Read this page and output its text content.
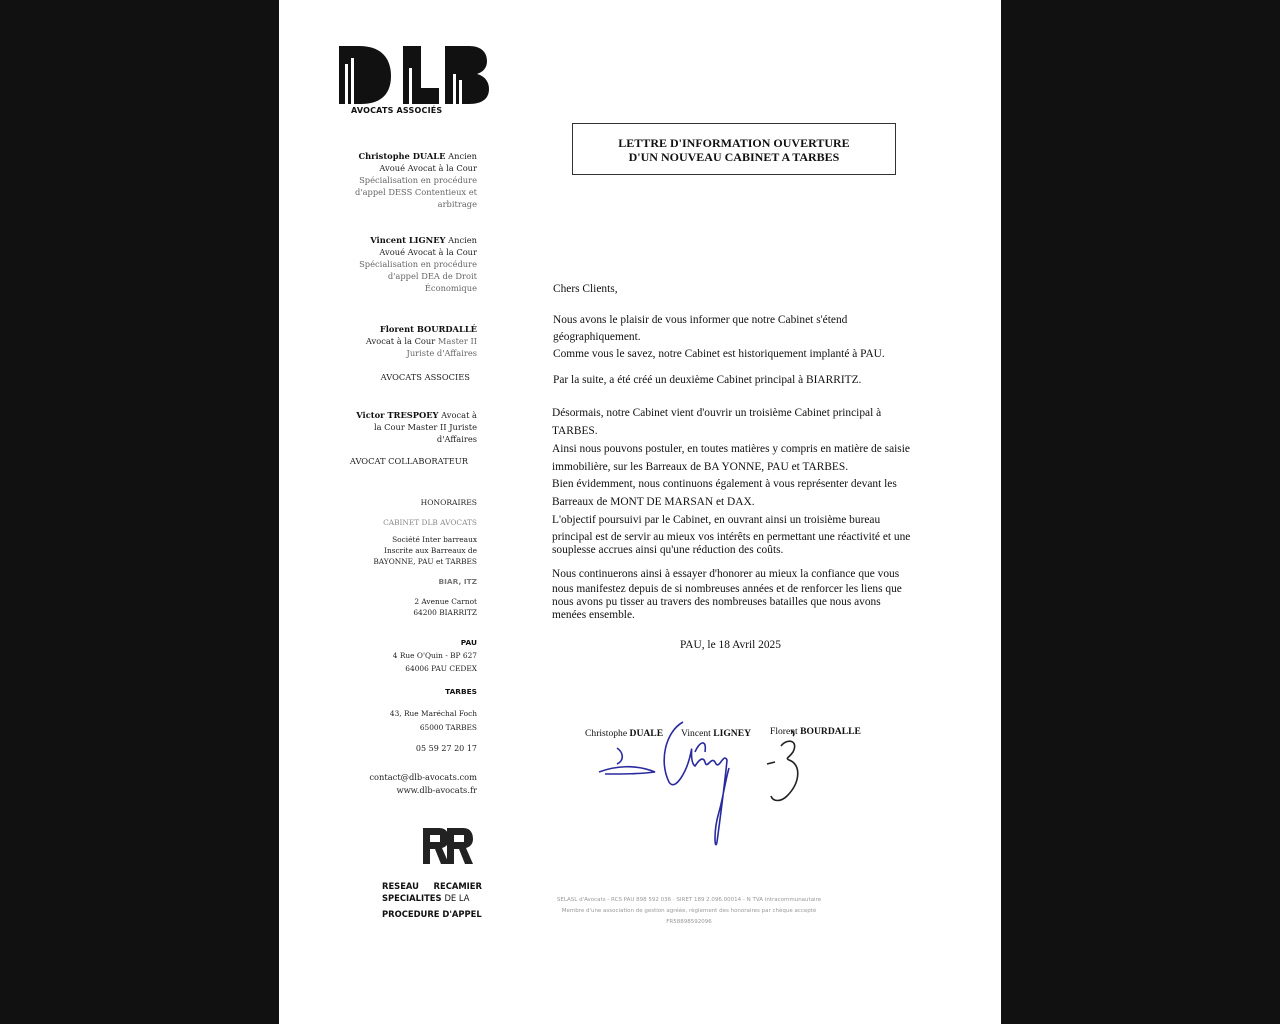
AVOCATS ASSOCIÉS
Christophe DUALE Ancien
Avoué Avocat à la Cour
Spécialisation en procédure
d'appel DESS Contentieux et
arbitrage
Vincent LIGNEY Ancien
Avoué Avocat à la Cour
Spécialisation en procédure
d'appel DEA de Droit
Économique
Florent BOURDALLÉ
Avocat à la Cour Master II
Juriste d'Affaires
AVOCATS ASSOCIES
Victor TRESPOEY Avocat à
la Cour Master II Juriste
d'Affaires
AVOCAT COLLABORATEUR
HONORAIRES
CABINET DLB AVOCATS
Société Inter barreaux
Inscrite aux Barreaux de
BAYONNE, PAU et TARBES
BIAR, ITZ
2 Avenue Carnot
64200 BIARRITZ
PAU
4 Rue O'Quin - BP 627
64006 PAU CEDEX
TARBES
43, Rue Maréchal Foch
65000 TARBES
05 59 27 20 17
contact@dlb-avocats.com
www.dlb-avocats.fr
RESEAU RECAMIER
SPECIALITES DE LA
PROCEDURE D'APPEL
LETTRE D'INFORMATION OUVERTURE
D'UN NOUVEAU CABINET A TARBES
Chers Clients,
Nous avons le plaisir de vous informer que notre Cabinet s'étend
géographiquement.
Comme vous le savez, notre Cabinet est historiquement implanté à PAU.
Par la suite, a été créé un deuxième Cabinet principal à BIARRITZ.
Désormais, notre Cabinet vient d'ouvrir un troisième Cabinet principal à
TARBES.
Ainsi nous pouvons postuler, en toutes matières y compris en matière de saisie
immobilière, sur les Barreaux de BA YONNE, PAU et TARBES.
Bien évidemment, nous continuons également à vous représenter devant les
Barreaux de MONT DE MARSAN et DAX.
L'objectif poursuivi par le Cabinet, en ouvrant ainsi un troisième bureau
principal est de servir au mieux vos intérêts en permettant une réactivité et une
souplesse accrues ainsi qu'une réduction des coûts.
Nous continuerons ainsi à essayer d'honorer au mieux la confiance que vous
nous manifestez depuis de si nombreuses années et de renforcer les liens que
nous avons pu tisser au travers des nombreuses batailles que nous avons
menées ensemble.
PAU, le 18 Avril 2025
Christophe DUALE Vincent LIGNEY Florent BOURDALLE
SELASL d'Avocats - RCS PAU 898 592 036 · SIRET 189 2.096.00014 - N TVA intracommunautaire
Membre d'une association de gestion agréée, règlement des honoraires par chèque accepté
FR58898592096
